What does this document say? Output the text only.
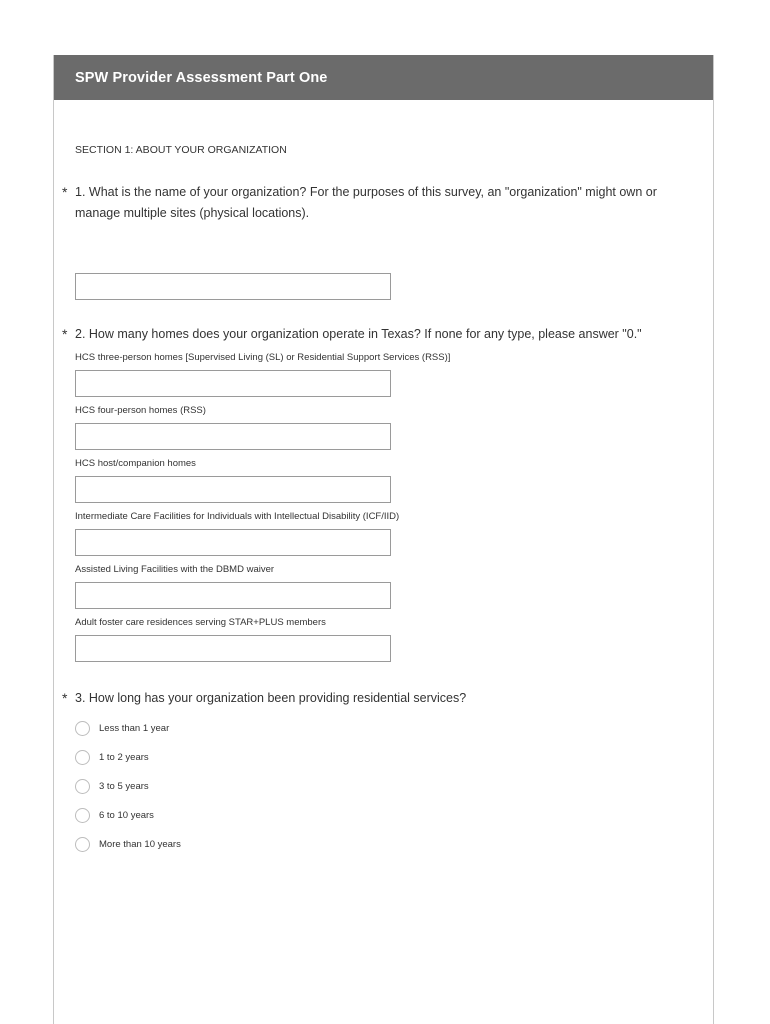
SPW Provider Assessment Part One
SECTION 1: ABOUT YOUR ORGANIZATION
* 1. What is the name of your organization? For the purposes of this survey, an "organization" might own or manage multiple sites (physical locations).
* 2. How many homes does your organization operate in Texas? If none for any type, please answer "0."
HCS three-person homes [Supervised Living (SL) or Residential Support Services (RSS)]
HCS four-person homes (RSS)
HCS host/companion homes
Intermediate Care Facilities for Individuals with Intellectual Disability (ICF/IID)
Assisted Living Facilities with the DBMD waiver
Adult foster care residences serving STAR+PLUS members
* 3. How long has your organization been providing residential services?
Less than 1 year
1 to 2 years
3 to 5 years
6 to 10 years
More than 10 years
